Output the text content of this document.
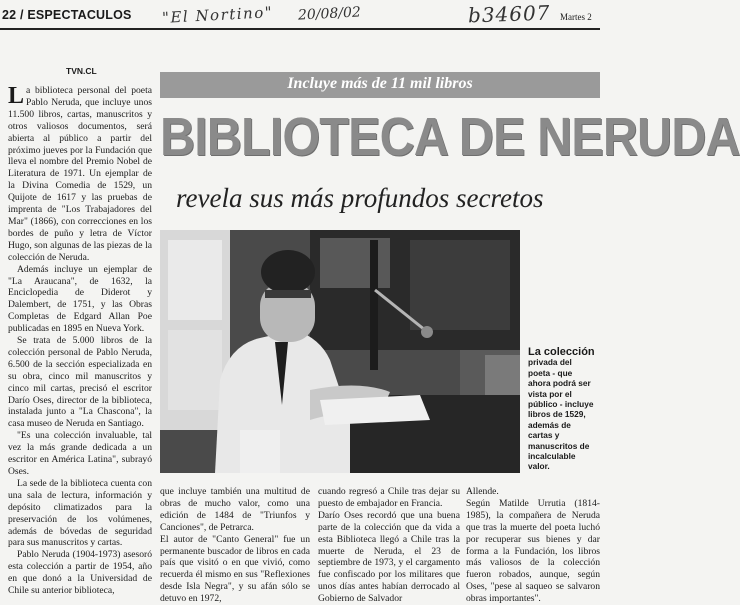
22 / ESPECTACULOS "El Nortino" 20/08/02	b34607 Martes 2
TVN.CL
Incluye más de 11 mil libros
BIBLIOTECA DE NERUDA
revela sus más profundos secretos

La biblioteca personal del poeta Pablo Neruda, que incluye unos 11.500 libros, cartas, manuscritos y otros valiosos documentos, será abierta al público a partir del próximo jueves por la Fundación que lleva el nombre del Premio Nobel de Literatura de 1971. Un ejemplar de la Divina Comedia de 1529, un Quijote de 1617 y las pruebas de imprenta de "Los Trabajadores del Mar" (1866), con correcciones en los bordes de puño y letra de Víctor Hugo, son algunas de las piezas de la colección de Neruda.

Además incluye un ejemplar de "La Araucana", de 1632, la Enciclopedia de Diderot y Dalembert, de 1751, y las Obras Completas de Edgard Allan Poe publicadas en 1895 en Nueva York.

Se trata de 5.000 libros de la colección personal de Pablo Neruda, 6.500 de la sección especializada en su obra, cinco mil manuscritos y cinco mil cartas, precisó el escritor Darío Oses, director de la biblioteca, instalada junto a "La Chascona", la casa museo de Neruda en Santiago.

"Es una colección invaluable, tal vez la más grande dedicada a un escritor en América Latina", subrayó Oses.

La sede de la biblioteca cuenta con una sala de lectura, información y depósito climatizados para la preservación de los volúmenes, además de bóvedas de seguridad para sus manuscritos y cartas.

Pablo Neruda (1904-1973) asesoró esta colección a partir de 1954, año en que donó a la Universidad de Chile su anterior biblioteca,

La colección privada del poeta - que ahora podrá ser vista por el público - incluye libros de 1529, además de cartas y manuscritos de incalculable valor.

que incluye también una multitud de obras de mucho valor, como una edición de 1484 de "Triunfos y Canciones", de Petrarca.
El autor de "Canto General" fue un permanente buscador de libros en cada país que visitó o en que vivió, como recuerda él mismo en sus "Reflexiones desde Isla Negra", y su afán sólo se detuvo en 1972,

cuando regresó a Chile tras dejar su puesto de embajador en Francia.
Darío Oses recordó que una buena parte de la colección que da vida a esta Biblioteca llegó a Chile tras la muerte de Neruda, el 23 de septiembre de 1973, y el cargamento fue confiscado por los militares que unos días antes habían derrocado al Gobierno de Salvador

Allende.
Según Matilde Urrutia (1814-1985), la compañera de Neruda que tras la muerte del poeta luchó por recuperar sus bienes y dar forma a la Fundación, los libros más valiosos de la colección fueron robados, aunque, según Oses, "pese al saqueo se salvaron obras importantes".
